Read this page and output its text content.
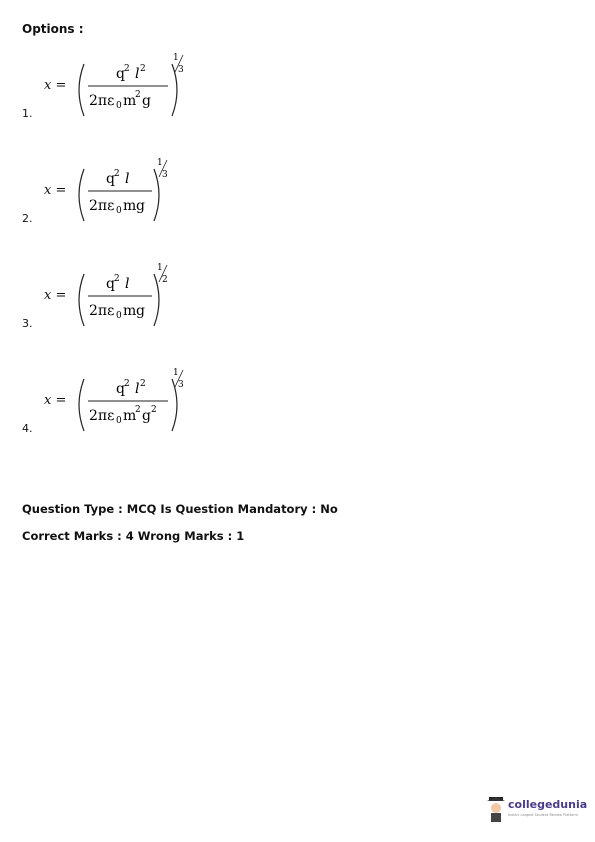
Options :
1.
x =
q 2 l 2
2πε 0 m
2 g
1
3
2.
x =
q 2 l
2πε 0 m g
1
3
3.
x =
q 2 l
2πε 0 m g
1
2
4.
x =
q 2 l 2
2πε 0 m
2 g 2
1
3
Question Type : MCQ Is Question Mandatory : No
Correct Marks : 4 Wrong Marks : 1
collegedunia
India's Largest Student Review Platform
